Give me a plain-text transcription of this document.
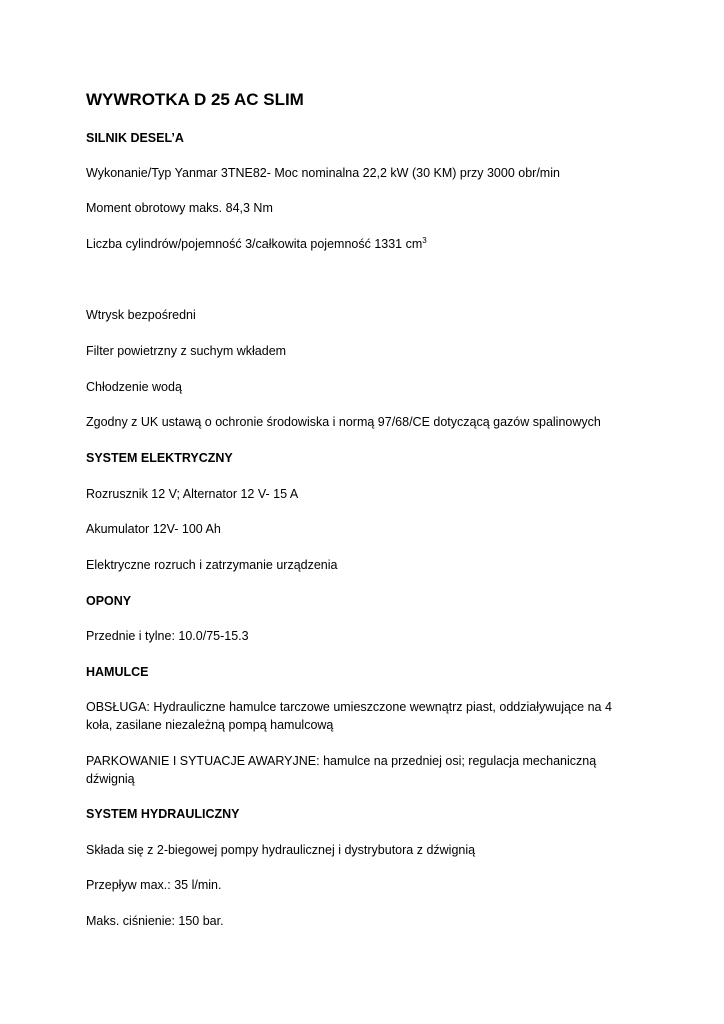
WYWROTKA D 25 AC SLIM
SILNIK DESEL’A
Wykonanie/Typ Yanmar 3TNE82- Moc nominalna 22,2 kW (30 KM) przy 3000 obr/min
Moment obrotowy maks. 84,3 Nm
Liczba cylindrów/pojemność 3/całkowita pojemność 1331 $cm^3$
Wtrysk bezpośredni
Filter powietrzny z suchym wkładem
Chłodzenie wodą
Zgodny z UK ustawą o ochronie środowiska i normą 97/68/CE dotyczącą gazów spalinowych
SYSTEM ELEKTRYCZNY
Rozrusznik 12 V; Alternator 12 V- 15 A
Akumulator 12V- 100 Ah
Elektryczne rozruch i zatrzymanie urządzenia
OPONY
Przednie i tylne: 10.0/75-15.3
HAMULCE
OBSŁUGA: Hydrauliczne hamulce tarczowe umieszczone wewnątrz piast, oddziaływujące na 4 koła, zasilane niezależną pompą hamulcową
PARKOWANIE I SYTUACJE AWARYJNE: hamulce na przedniej osi; regulacja mechaniczną dźwignią
SYSTEM HYDRAULICZNY
Składa się z 2-biegowej pompy hydraulicznej i dystrybutora z dźwignią
Przepływ max.: 35 l/min.
Maks. ciśnienie: 150 bar.
